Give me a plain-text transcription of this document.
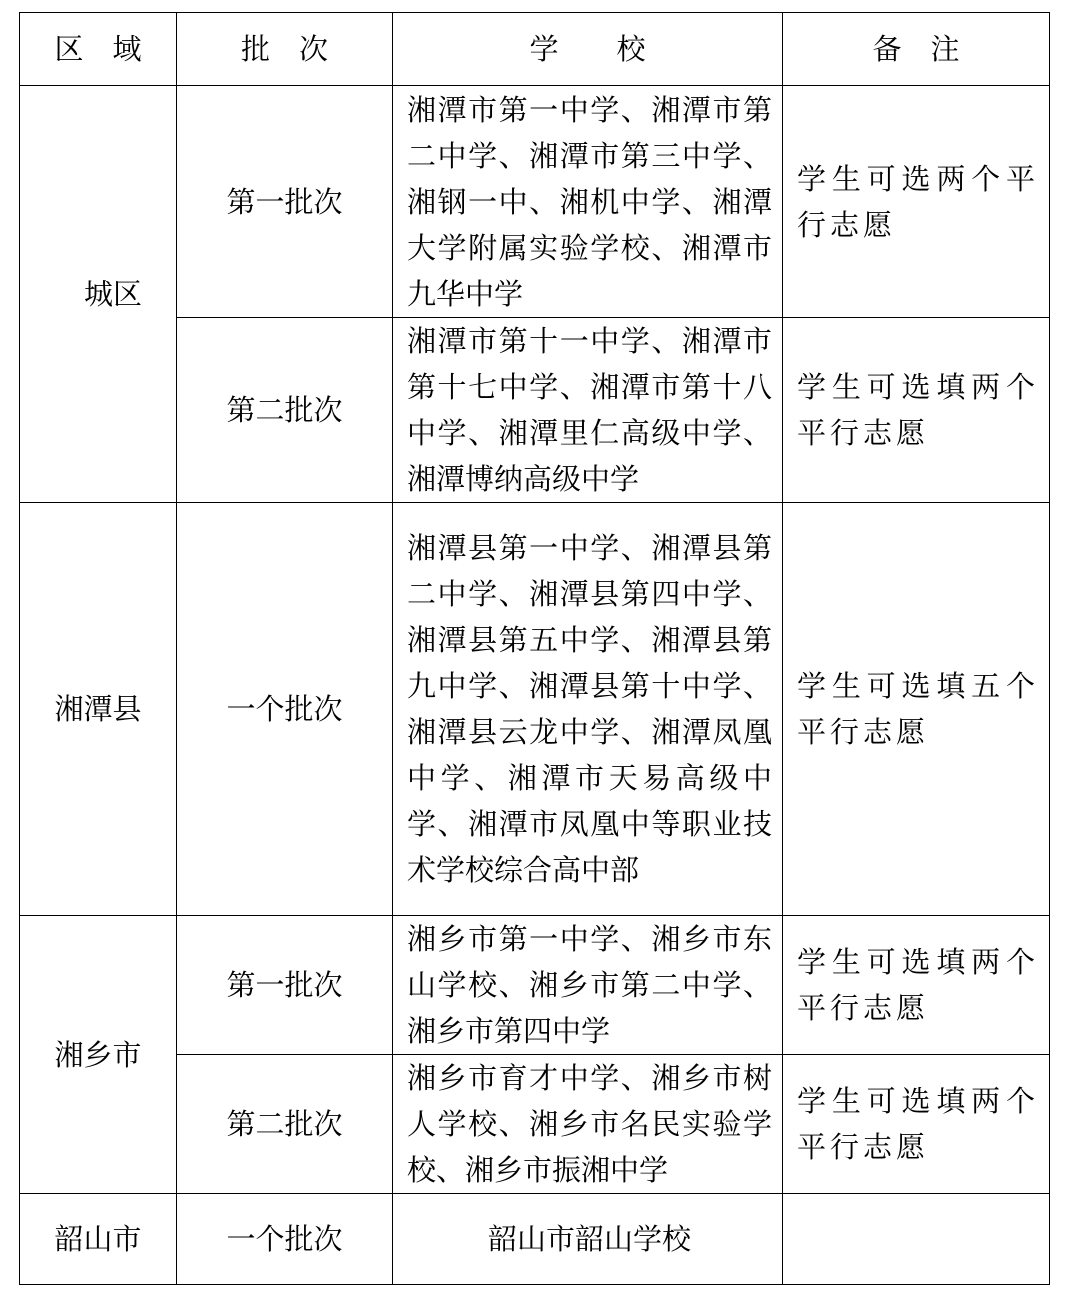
区　域	批　次	学　　校	备　注
城区	第一批次	湘潭市第一中学、湘潭市第二中学、湘潭市第三中学、湘钢一中、湘机中学、湘潭大学附属实验学校、湘潭市九华中学	学生可选两个平行志愿
	第二批次	湘潭市第十一中学、湘潭市第十七中学、湘潭市第十八中学、湘潭里仁高级中学、湘潭博纳高级中学	学生可选填两个平行志愿
湘潭县	一个批次	湘潭县第一中学、湘潭县第二中学、湘潭县第四中学、湘潭县第五中学、湘潭县第九中学、湘潭县第十中学、湘潭县云龙中学、湘潭凤凰中学、湘潭市天易高级中学、湘潭市凤凰中等职业技术学校综合高中部	学生可选填五个平行志愿
湘乡市	第一批次	湘乡市第一中学、湘乡市东山学校、湘乡市第二中学、湘乡市第四中学	学生可选填两个平行志愿
	第二批次	湘乡市育才中学、湘乡市树人学校、湘乡市名民实验学校、湘乡市振湘中学	学生可选填两个平行志愿
韶山市	一个批次	韶山市韶山学校	
